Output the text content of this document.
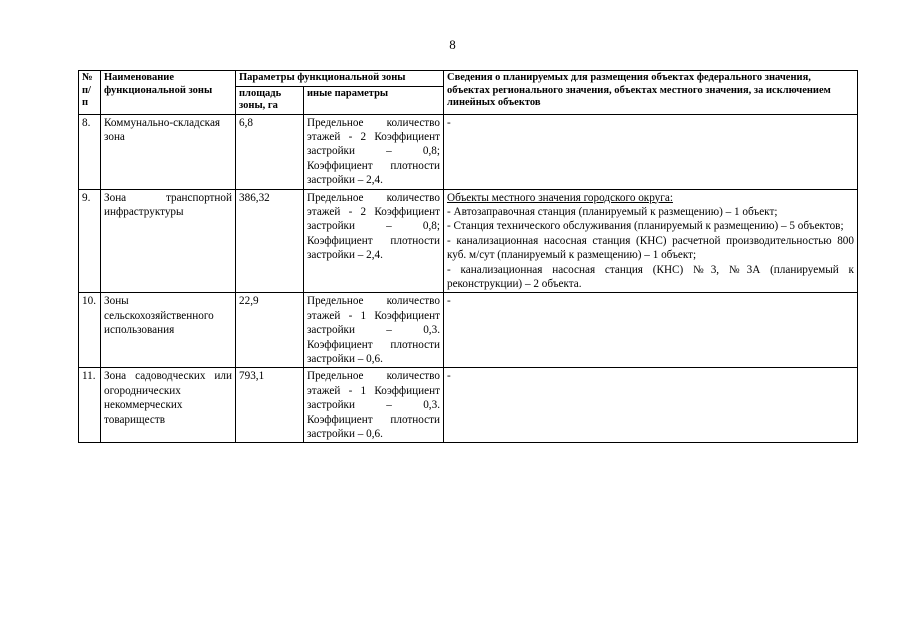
8
№ п/п	Наименование функциональной зоны	Параметры функциональной зоны		Сведения о планируемых для размещения объектах федерального значения, объектах регионального значения, объектах местного значения, за исключением линейных объектов
		площадь зоны, га	иные параметры	
8.	Коммунально-складская зона	6,8	Предельное количество этажей - 2 Коэффициент застройки – 0,8; Коэффициент плотности застройки – 2,4.	-

9.	Зона транспортной инфраструктуры	386,32	Предельное количество этажей - 2 Коэффициент застройки – 0,8; Коэффициент плотности застройки – 2,4.	Объекты местного значения городского округа:
- Автозаправочная станция (планируемый к размещению) – 1 объект;
- Станция технического обслуживания (планируемый к размещению) – 5 объектов;
- канализационная насосная станция (КНС) расчетной производительностью 800 куб. м/сут (планируемый к размещению) – 1 объект;
- канализационная насосная станция (КНС) №3, №3А (планируемый к реконструкции) – 2 объекта.

10.	Зоны сельскохозяйственного использования	22,9	Предельное количество этажей - 1 Коэффициент застройки – 0,3. Коэффициент плотности застройки – 0,6.	-

11.	Зона садоводческих или огороднических некоммерческих товариществ	793,1	Предельное количество этажей - 1 Коэффициент застройки – 0,3. Коэффициент плотности застройки – 0,6.	-
